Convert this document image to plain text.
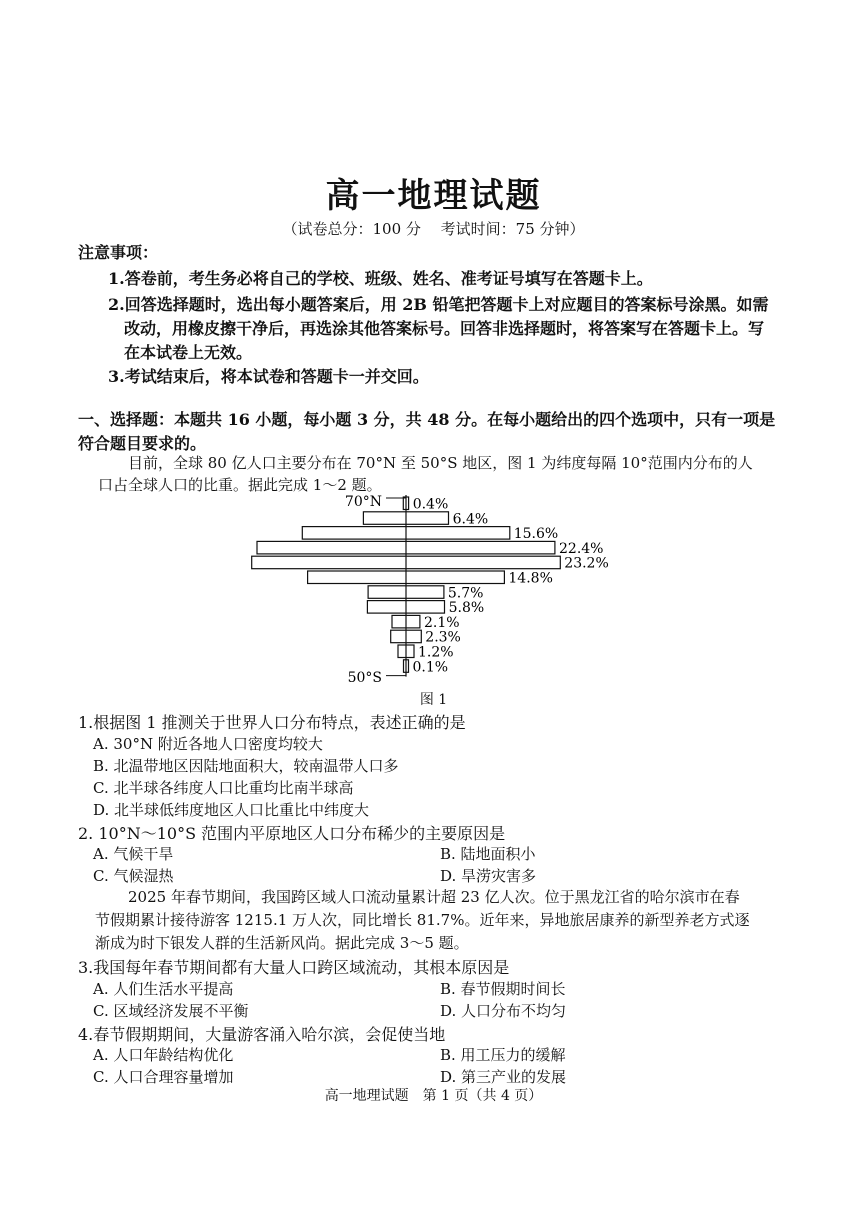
高一地理试题
（试卷总分：100 分　 考试时间：75 分钟）
注意事项：
1.答卷前，考生务必将自己的学校、班级、姓名、准考证号填写在答题卡上。
2.回答选择题时，选出每小题答案后，用 2B 铅笔把答题卡上对应题目的答案标号涂黑。如需
改动，用橡皮擦干净后，再选涂其他答案标号。回答非选择题时，将答案写在答题卡上。写
在本试卷上无效。
3.考试结束后，将本试卷和答题卡一并交回。
一、选择题：本题共 16 小题，每小题 3 分，共 48 分。在每小题给出的四个选项中，只有一项是
符合题目要求的。
目前，全球 80 亿人口主要分布在 70°N 至 50°S 地区，图 1 为纬度每隔 10°范围内分布的人
口占全球人口的比重。据此完成 1～2 题。
0.4%
6.4%
15.6%
22.4%
23.2%
14.8%
5.7%
5.8%
2.1%
2.3%
1.2%
0.1%
70°N
50°S
图 1
1.根据图 1 推测关于世界人口分布特点，表述正确的是
A. 30°N 附近各地人口密度均较大
B. 北温带地区因陆地面积大，较南温带人口多
C. 北半球各纬度人口比重均比南半球高
D. 北半球低纬度地区人口比重比中纬度大
2. 10°N～10°S 范围内平原地区人口分布稀少的主要原因是
A. 气候干旱	B. 陆地面积小
C. 气候湿热	D. 旱涝灾害多
2025 年春节期间，我国跨区域人口流动量累计超 23 亿人次。位于黑龙江省的哈尔滨市在春
节假期累计接待游客 1215.1 万人次，同比增长 81.7%。近年来，异地旅居康养的新型养老方式逐
渐成为时下银发人群的生活新风尚。据此完成 3～5 题。
3.我国每年春节期间都有大量人口跨区域流动，其根本原因是
A. 人们生活水平提高	B. 春节假期时间长
C. 区域经济发展不平衡	D. 人口分布不均匀
4.春节假期期间，大量游客涌入哈尔滨，会促使当地
A. 人口年龄结构优化	B. 用工压力的缓解
C. 人口合理容量增加	D. 第三产业的发展
高一地理试题　第 1 页（共 4 页）
